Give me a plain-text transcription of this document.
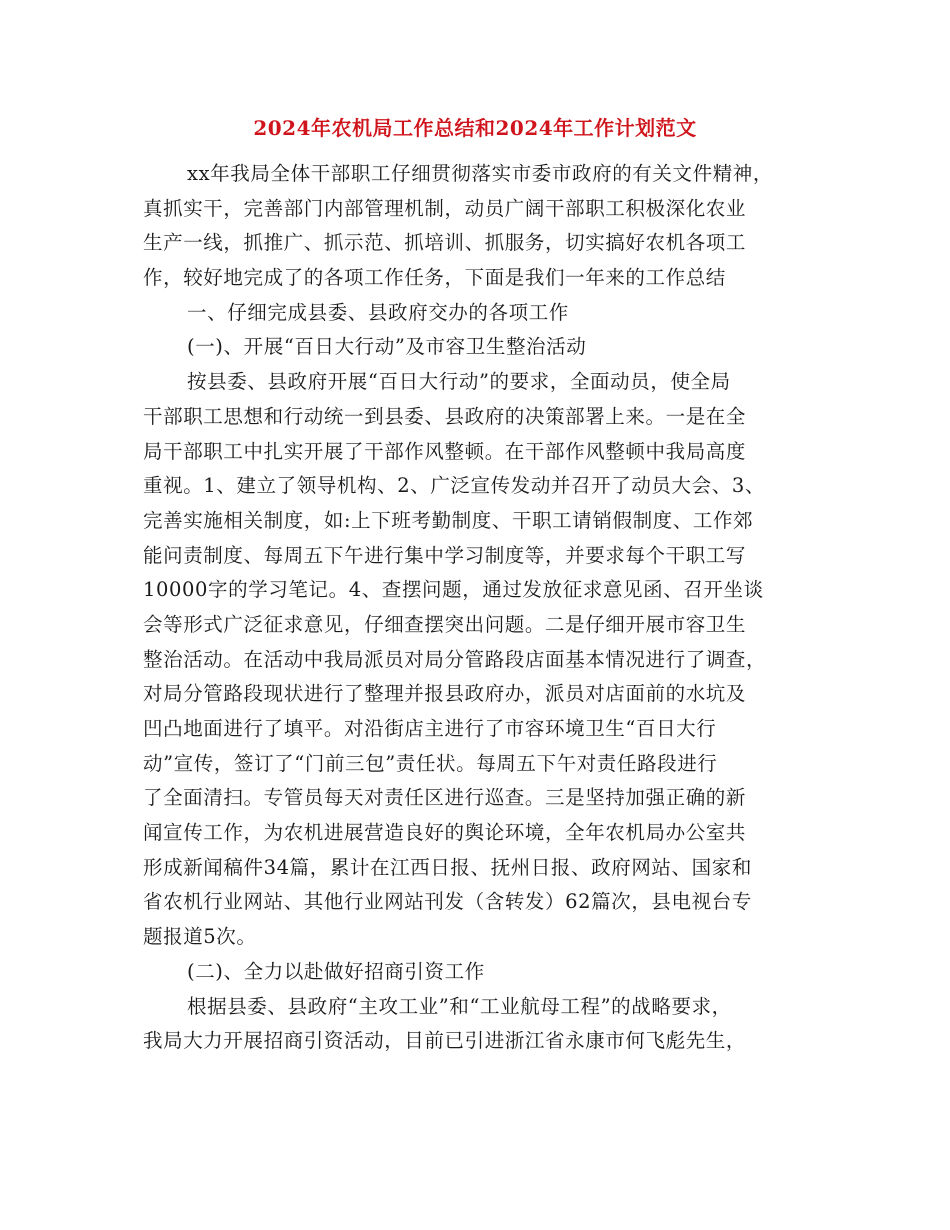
2024年农机局工作总结和2024年工作计划范文
xx年我局全体干部职工仔细贯彻落实市委市政府的有关文件精神，
真抓实干，完善部门内部管理机制，动员广阔干部职工积极深化农业
生产一线，抓推广、抓示范、抓培训、抓服务，切实搞好农机各项工
作，较好地完成了的各项工作任务，下面是我们一年来的工作总结
一、仔细完成县委、县政府交办的各项工作
(一)、开展“百日大行动”及市容卫生整治活动
按县委、县政府开展“百日大行动”的要求，全面动员，使全局
干部职工思想和行动统一到县委、县政府的决策部署上来。一是在全
局干部职工中扎实开展了干部作风整顿。在干部作风整顿中我局高度
重视。1、建立了领导机构、2、广泛宣传发动并召开了动员大会、3、
完善实施相关制度，如:上下班考勤制度、干职工请销假制度、工作郊
能问责制度、每周五下午进行集中学习制度等，并要求每个干职工写
10000字的学习笔记。4、查摆问题，通过发放征求意见函、召开坐谈
会等形式广泛征求意见，仔细查摆突出问题。二是仔细开展市容卫生
整治活动。在活动中我局派员对局分管路段店面基本情况进行了调查，
对局分管路段现状进行了整理并报县政府办，派员对店面前的水坑及
凹凸地面进行了填平。对沿街店主进行了市容环境卫生“百日大行
动”宣传，签订了“门前三包”责任状。每周五下午对责任路段进行
了全面清扫。专管员每天对责任区进行巡查。三是坚持加强正确的新
闻宣传工作，为农机进展营造良好的舆论环境，全年农机局办公室共
形成新闻稿件34篇，累计在江西日报、抚州日报、政府网站、国家和
省农机行业网站、其他行业网站刊发（含转发）62篇次，县电视台专
题报道5次。
(二)、全力以赴做好招商引资工作
根据县委、县政府“主攻工业”和“工业航母工程”的战略要求，
我局大力开展招商引资活动，目前已引进浙江省永康市何飞彪先生，
